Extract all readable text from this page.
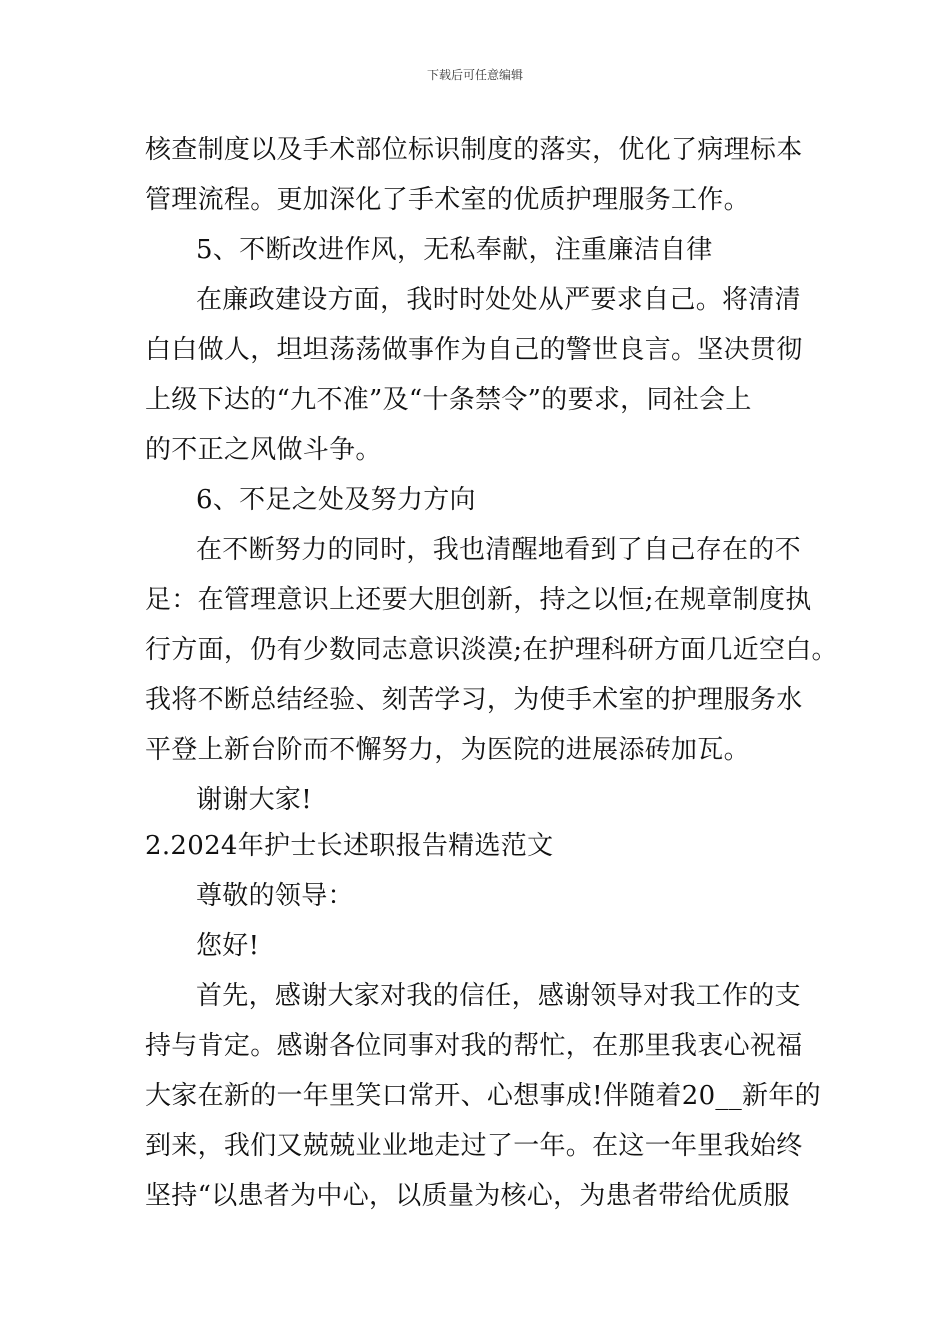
下载后可任意编辑
核查制度以及手术部位标识制度的落实，优化了病理标本
管理流程。更加深化了手术室的优质护理服务工作。
5、不断改进作风，无私奉献，注重廉洁自律
在廉政建设方面，我时时处处从严要求自己。将清清
白白做人，坦坦荡荡做事作为自己的警世良言。坚决贯彻
上级下达的“九不准”及“十条禁令”的要求，同社会上
的不正之风做斗争。
6、不足之处及努力方向
在不断努力的同时，我也清醒地看到了自己存在的不
足：在管理意识上还要大胆创新，持之以恒;在规章制度执
行方面，仍有少数同志意识淡漠;在护理科研方面几近空白。
我将不断总结经验、刻苦学习，为使手术室的护理服务水
平登上新台阶而不懈努力，为医院的进展添砖加瓦。
谢谢大家!
2.2024年护士长述职报告精选范文
尊敬的领导：
您好!
首先，感谢大家对我的信任，感谢领导对我工作的支
持与肯定。感谢各位同事对我的帮忙，在那里我衷心祝福
大家在新的一年里笑口常开、心想事成!伴随着20__新年的
到来，我们又兢兢业业地走过了一年。在这一年里我始终
坚持“以患者为中心，以质量为核心，为患者带给优质服
